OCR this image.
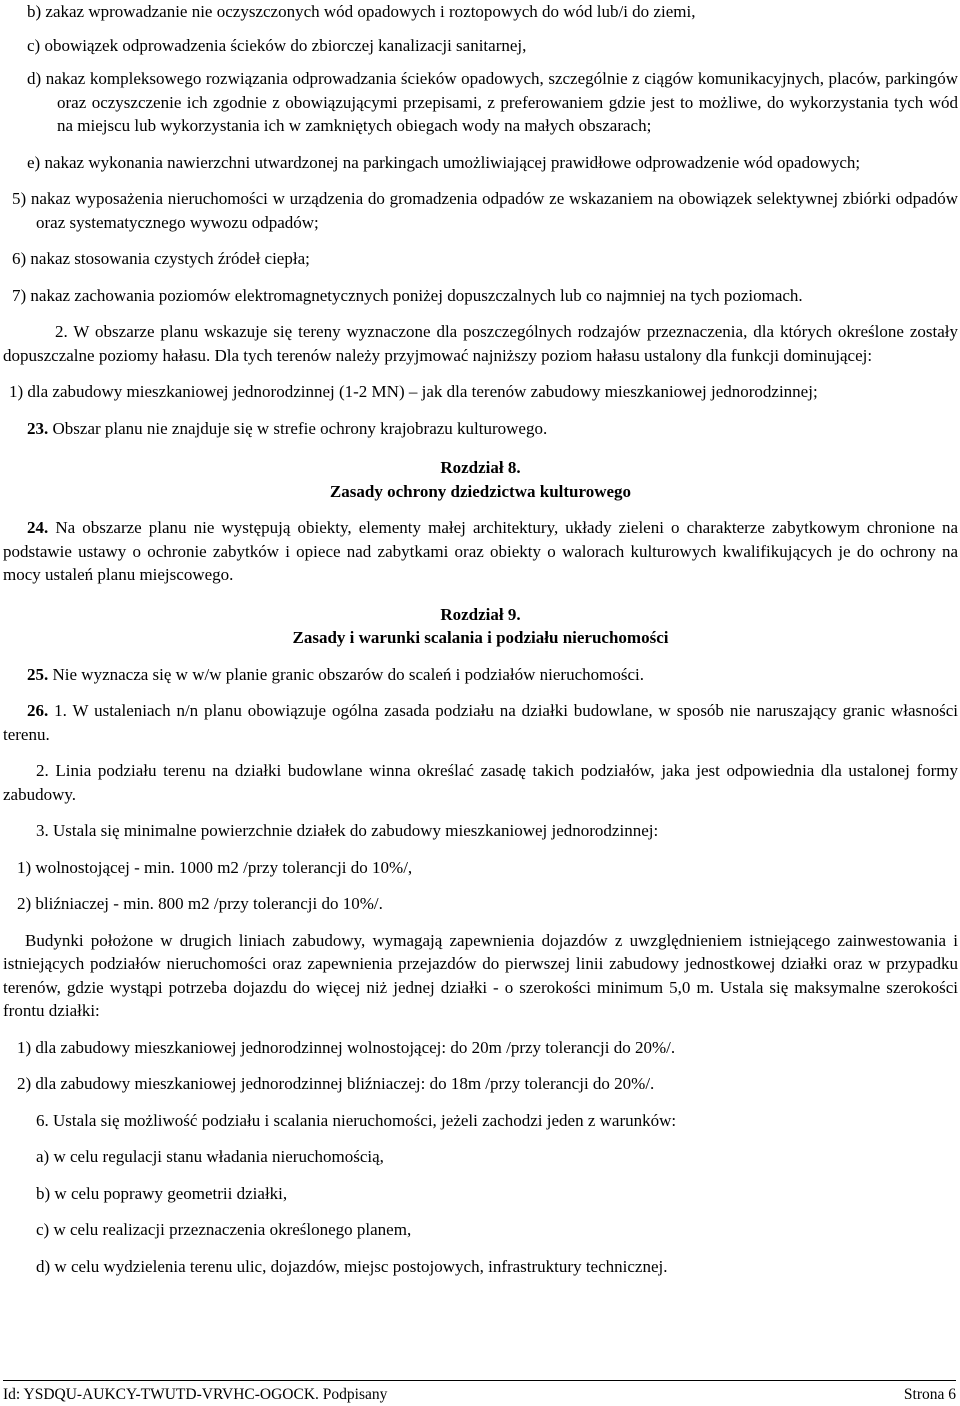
b) zakaz wprowadzanie nie oczyszczonych wód opadowych i roztopowych do wód lub/i do ziemi,

c) obowiązek odprowadzenia ścieków do zbiorczej kanalizacji sanitarnej,

d) nakaz kompleksowego rozwiązania odprowadzania ścieków opadowych, szczególnie z ciągów komunikacyjnych, placów, parkingów oraz oczyszczenie ich zgodnie z obowiązującymi przepisami, z preferowaniem gdzie jest to możliwe, do wykorzystania tych wód na miejscu lub wykorzystania ich w zamkniętych obiegach wody na małych obszarach;

e) nakaz wykonania nawierzchni utwardzonej na parkingach umożliwiającej prawidłowe odprowadzenie wód opadowych;

5) nakaz wyposażenia nieruchomości w urządzenia do gromadzenia odpadów ze wskazaniem na obowiązek selektywnej zbiórki odpadów oraz systematycznego wywozu odpadów;

6) nakaz stosowania czystych źródeł ciepła;

7) nakaz zachowania poziomów elektromagnetycznych poniżej dopuszczalnych lub co najmniej na tych poziomach.

2. W obszarze planu wskazuje się tereny wyznaczone dla poszczególnych rodzajów przeznaczenia, dla których określone zostały dopuszczalne poziomy hałasu. Dla tych terenów należy przyjmować najniższy poziom hałasu ustalony dla funkcji dominującej:

1) dla zabudowy mieszkaniowej jednorodzinnej (1-2 MN) – jak dla terenów zabudowy mieszkaniowej jednorodzinnej;

23. Obszar planu nie znajduje się w strefie ochrony krajobrazu kulturowego.

Rozdział 8.

Zasady ochrony dziedzictwa kulturowego

24. Na obszarze planu nie występują obiekty, elementy małej architektury, układy zieleni o charakterze zabytkowym chronione na podstawie ustawy o ochronie zabytków i opiece nad zabytkami oraz obiekty o walorach kulturowych kwalifikujących je do ochrony na mocy ustaleń planu miejscowego.

Rozdział 9.

Zasady i warunki scalania i podziału nieruchomości

25. Nie wyznacza się w w/w planie granic obszarów do scaleń i podziałów nieruchomości.

26. 1. W ustaleniach n/n planu obowiązuje ogólna zasada podziału na działki budowlane, w sposób nie naruszający granic własności terenu.

2. Linia podziału terenu na działki budowlane winna określać zasadę takich podziałów, jaka jest odpowiednia dla ustalonej formy zabudowy.

3. Ustala się minimalne powierzchnie działek do zabudowy mieszkaniowej jednorodzinnej:

1) wolnostojącej - min. 1000 m2 /przy tolerancji do 10%/,

2) bliźniaczej - min. 800 m2 /przy tolerancji do 10%/.

Budynki położone w drugich liniach zabudowy, wymagają zapewnienia dojazdów z uwzględnieniem istniejącego zainwestowania i istniejących podziałów nieruchomości oraz zapewnienia przejazdów do pierwszej linii zabudowy jednostkowej działki oraz w przypadku terenów, gdzie wystąpi potrzeba dojazdu do więcej niż jednej działki - o szerokości minimum 5,0 m. Ustala się maksymalne szerokości frontu działki:

1) dla zabudowy mieszkaniowej jednorodzinnej wolnostojącej: do 20m /przy tolerancji do 20%/.

2) dla zabudowy mieszkaniowej jednorodzinnej bliźniaczej: do 18m /przy tolerancji do 20%/.

6. Ustala się możliwość podziału i scalania nieruchomości, jeżeli zachodzi jeden z warunków:

a) w celu regulacji stanu władania nieruchomością,

b) w celu poprawy geometrii działki,

c) w celu realizacji przeznaczenia określonego planem,

d) w celu wydzielenia terenu ulic, dojazdów, miejsc postojowych, infrastruktury technicznej.

Id: YSDQU-AUKCY-TWUTD-VRVHC-OGOCK. Podpisany	Strona 6
